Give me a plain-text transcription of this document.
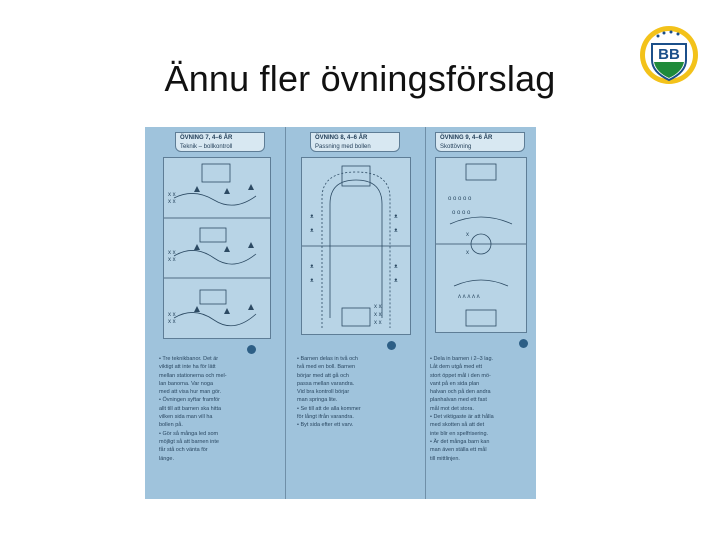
Ännu fler övningsförslag
BB
ÖVNING 7, 4–6 ÅR
Teknik – bollkontroll
x x
x x
x x
x x
x x
x x
• Tre teknikbanor. Det är
viktigt att inte ha för lätt
mellan stationerna och mel-
lan banorna. Var noga
med att visa hur man gör.
• Övningen syftar framför
allt till att barnen ska hitta
vilken sida man vill ha
bollen på.
• Gör så många led som
möjligt så att barnen inte
får stå och vänta för
länge.
ÖVNING 8, 4–6 ÅR
Passning med bollen
ᴥ
ᴥ
ᴥ
ᴥ
ᴥ
ᴥ
ᴥ
ᴥ
x x
x x
x x
• Barnen delas in två och
två med en boll. Barnen
börjar med att gå och
passa mellan varandra.
Vid bra kontroll börjar
man springa lite.
• Se till att de alla kommer
för långt ifrån varandra.
• Byt sida efter ett varv.
ÖVNING 9, 4–6 ÅR
Skottövning
o o o o o
o o o o
x
x
ᴧ ᴧ ᴧ ᴧ ᴧ
• Dela in barnen i 2–3 lag.
Låt dem utgå med ett
stort öppet mål i den mö-
vant på en sida plan
halvan och på den andra
planhalvan med ett fast
mål mot det stora.
• Det viktigaste är att hålla
med skotten så att det
inte blir en spelfrisering.
• Är det många barn kan
man även ställa ett mål
till mittlinjen.
